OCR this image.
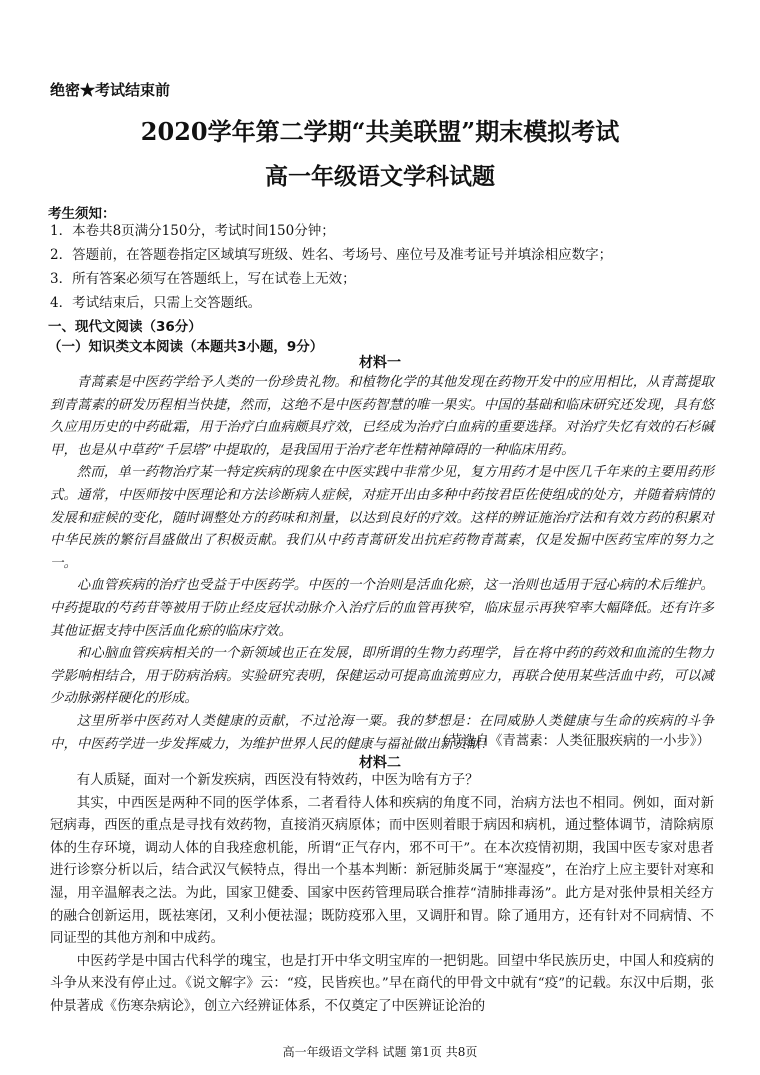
绝密★考试结束前
2020学年第二学期“共美联盟”期末模拟考试
高一年级语文学科试题
考生须知：
1．本卷共8页满分150分，考试时间150分钟；
2．答题前，在答题卷指定区域填写班级、姓名、考场号、座位号及准考证号并填涂相应数字；
3．所有答案必须写在答题纸上，写在试卷上无效；
4．考试结束后，只需上交答题纸。
一、现代文阅读（36分）
（一）知识类文本阅读（本题共3小题，9分）
材料一

青蒿素是中医药学给予人类的一份珍贵礼物。和植物化学的其他发现在药物开发中的应用相比，从青蒿提取到青蒿素的研发历程相当快捷，然而，这绝不是中医药智慧的唯一果实。中国的基础和临床研究还发现，具有悠久应用历史的中药砒霜，用于治疗白血病颇具疗效，已经成为治疗白血病的重要选择。对治疗失忆有效的石杉碱甲，也是从中草药“千层塔”中提取的，是我国用于治疗老年性精神障碍的一种临床用药。

然而，单一药物治疗某一特定疾病的现象在中医实践中非常少见，复方用药才是中医几千年来的主要用药形式。通常，中医师按中医理论和方法诊断病人症候，对症开出由多种中药按君臣佐使组成的处方，并随着病情的发展和症候的变化，随时调整处方的药味和剂量，以达到良好的疗效。这样的辨证施治疗法和有效方药的积累对中华民族的繁衍昌盛做出了积极贡献。我们从中药青蒿研发出抗疟药物青蒿素，仅是发掘中医药宝库的努力之一。

心血管疾病的治疗也受益于中医药学。中医的一个治则是活血化瘀，这一治则也适用于冠心病的术后维护。中药提取的芍药苷等被用于防止经皮冠状动脉介入治疗后的血管再狭窄，临床显示再狭窄率大幅降低。还有许多其他证据支持中医活血化瘀的临床疗效。

和心脑血管疾病相关的一个新领域也正在发展，即所谓的生物力药理学，旨在将中药的药效和血流的生物力学影响相结合，用于防病治病。实验研究表明，保健运动可提高血流剪应力，再联合使用某些活血中药，可以减少动脉粥样硬化的形成。

这里所举中医药对人类健康的贡献，不过沧海一粟。我的梦想是：在同威胁人类健康与生命的疾病的斗争中，中医药学进一步发挥威力，为维护世界人民的健康与福祉做出新贡献！

（节选自《青蒿素：人类征服疾病的一小步》）
材料二

有人质疑，面对一个新发疾病，西医没有特效药，中医为啥有方子？

其实，中西医是两种不同的医学体系，二者看待人体和疾病的角度不同，治病方法也不相同。例如，面对新冠病毒，西医的重点是寻找有效药物，直接消灭病原体；而中医则着眼于病因和病机，通过整体调节，清除病原体的生存环境，调动人体的自我痊愈机能，所谓“正气存内，邪不可干”。在本次疫情初期，我国中医专家对患者进行诊察分析以后，结合武汉气候特点，得出一个基本判断：新冠肺炎属于“寒湿疫”，在治疗上应主要针对寒和湿，用辛温解表之法。为此，国家卫健委、国家中医药管理局联合推荐“清肺排毒汤”。此方是对张仲景相关经方的融合创新运用，既祛寒闭，又利小便祛湿；既防疫邪入里，又调肝和胃。除了通用方，还有针对不同病情、不同证型的其他方剂和中成药。

中医药学是中国古代科学的瑰宝，也是打开中华文明宝库的一把钥匙。回望中华民族历史，中国人和疫病的斗争从来没有停止过。《说文解字》云：“疫，民皆疾也。”早在商代的甲骨文中就有“疫”的记载。东汉中后期，张仲景著成《伤寒杂病论》，创立六经辨证体系，不仅奠定了中医辨证论治的

高一年级语文学科 试题 第1页 共8页
